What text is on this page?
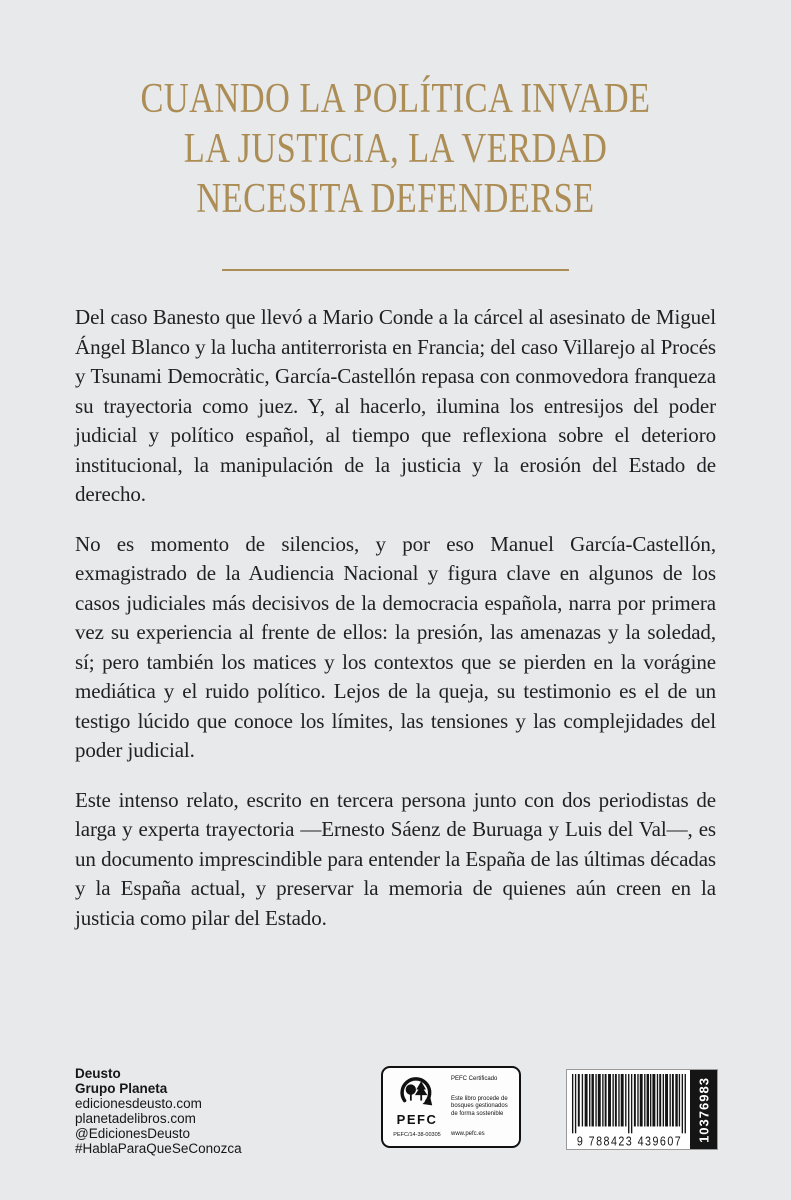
CUANDO LA POLÍTICA INVADE
LA JUSTICIA, LA VERDAD
NECESITA DEFENDERSE

Del caso Banesto que llevó a Mario Conde a la cárcel al asesinato de Miguel Ángel Blanco y la lucha antiterrorista en Francia; del caso Villarejo al Procés y Tsunami Democràtic, García-Castellón repasa con conmovedora franqueza su trayectoria como juez. Y, al hacerlo, ilumina los entresijos del poder judicial y político español, al tiempo que reflexiona sobre el deterioro institucional, la manipulación de la justicia y la erosión del Estado de derecho.

No es momento de silencios, y por eso Manuel García-Castellón, exmagistrado de la Audiencia Nacional y figura clave en algunos de los casos judiciales más decisivos de la democracia española, narra por primera vez su experiencia al frente de ellos: la presión, las amenazas y la soledad, sí; pero también los matices y los contextos que se pierden en la vorágine mediática y el ruido político. Lejos de la queja, su testimonio es el de un testigo lúcido que conoce los límites, las tensiones y las complejidades del poder judicial.

Este intenso relato, escrito en tercera persona junto con dos periodistas de larga y experta trayectoria —Ernesto Sáenz de Buruaga y Luis del Val—, es un documento imprescindible para entender la España de las últimas décadas y la España actual, y preservar la memoria de quienes aún creen en la justicia como pilar del Estado.

Deusto
Grupo Planeta
edicionesdeusto.com
planetadelibros.com
@EdicionesDeusto
#HablaParaQueSeConozca
PEFC
PEFC/14-38-00305
PEFC Certificado
Este libro procede de bosques gestionados de forma sostenible
www.pefc.es
9 788423 439607 10376983
